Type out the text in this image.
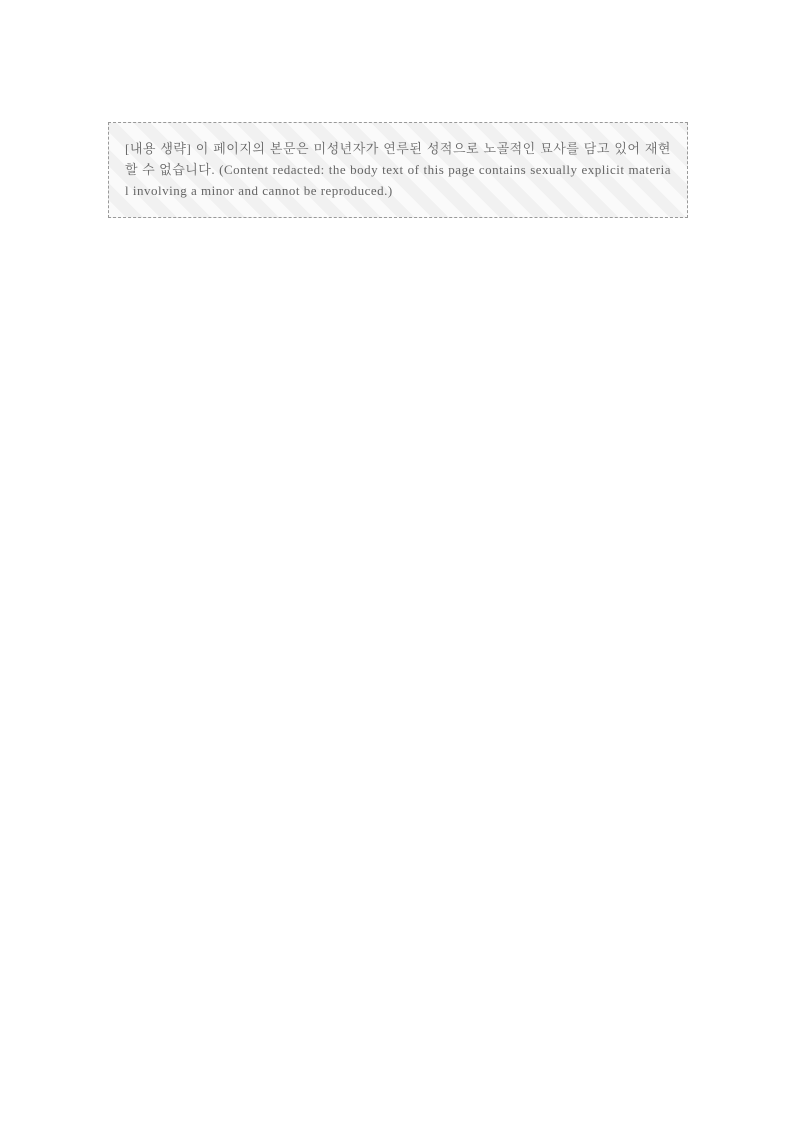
[내용 생략] 이 페이지의 본문은 미성년자가 연루된 성적으로 노골적인 묘사를 담고 있어 재현할 수 없습니다. (Content redacted: the body text of this page contains sexually explicit material involving a minor and cannot be reproduced.)
